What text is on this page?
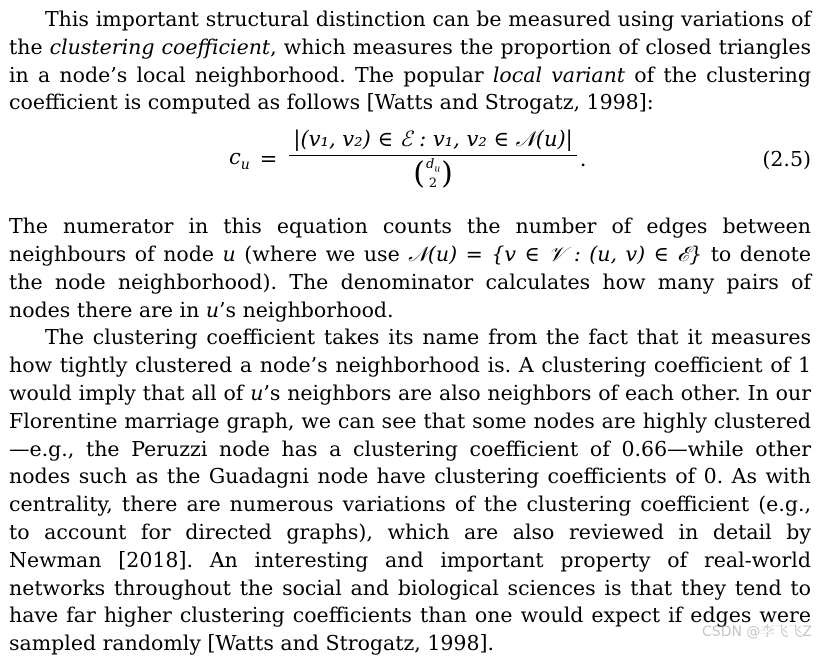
This important structural distinction can be measured using variations of the clustering coefficient, which measures the proportion of closed triangles in a node’s local neighborhood. The popular local variant of the clustering coefficient is computed as follows [Watts and Strogatz, 1998]:

$c_u$ =
|(v₁, v₂) ∈ ℰ : v₁, v₂ ∈ 𝒩(u)|
( $d_u$
2 )	.	(2.5)

The numerator in this equation counts the number of edges between neighbours of node u (where we use 𝒩(u) = {v ∈ 𝒱 : (u, v) ∈ ℰ} to denote the node neighborhood). The denominator calculates how many pairs of nodes there are in u’s neighborhood.

The clustering coefficient takes its name from the fact that it measures how tightly clustered a node’s neighborhood is. A clustering coefficient of 1 would imply that all of u’s neighbors are also neighbors of each other. In our Florentine marriage graph, we can see that some nodes are highly clustered—e.g., the Peruzzi node has a clustering coefficient of 0.66—while other nodes such as the Guadagni node have clustering coefficients of 0. As with centrality, there are numerous variations of the clustering coefficient (e.g., to account for directed graphs), which are also reviewed in detail by Newman [2018]. An interesting and important property of real-world networks throughout the social and biological sciences is that they tend to have far higher clustering coefficients than one would expect if edges were sampled randomly [Watts and Strogatz, 1998].	CSDN @李飞飞Z
